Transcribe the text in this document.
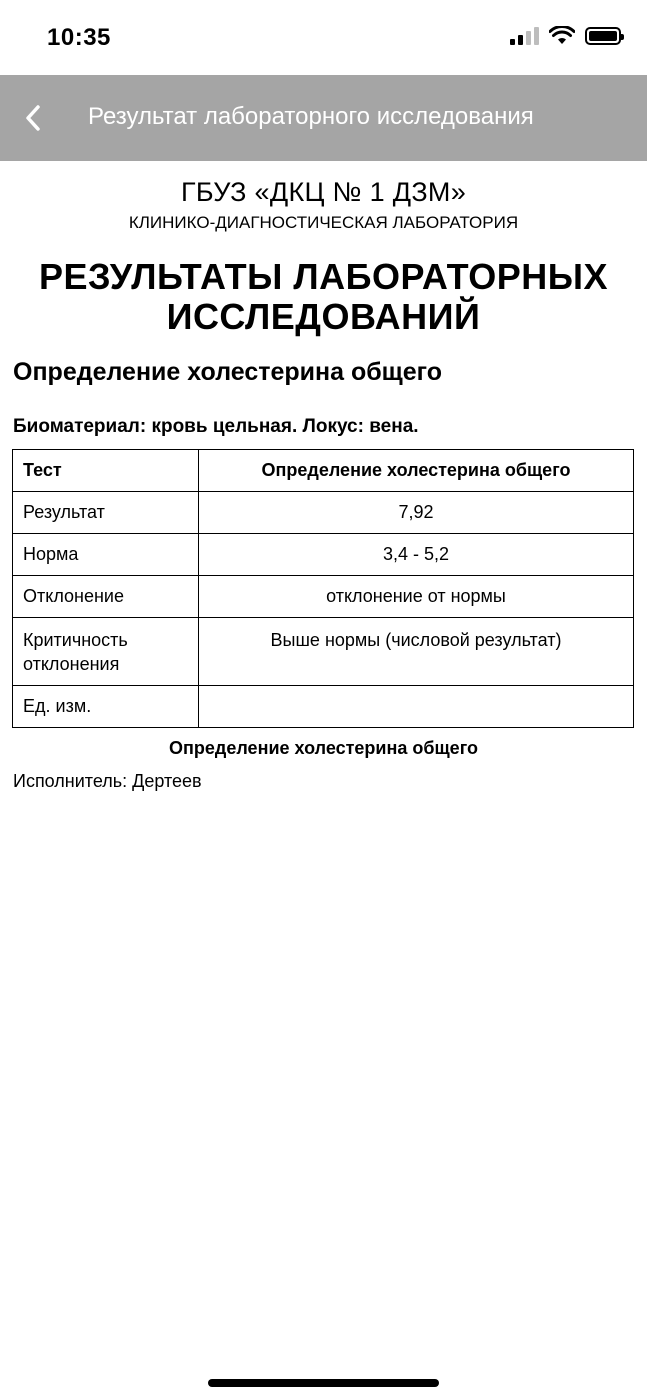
10:35
Результат лабораторного исследования
ГБУЗ «ДКЦ № 1 ДЗМ»
КЛИНИКО-ДИАГНОСТИЧЕСКАЯ ЛАБОРАТОРИЯ
РЕЗУЛЬТАТЫ ЛАБОРАТОРНЫХ
ИССЛЕДОВАНИЙ
Определение холестерина общего
Биоматериал: кровь цельная. Локус: вена.
Тест	Определение холестерина общего
Результат	7,92
Норма	3,4 - 5,2
Отклонение	отклонение от нормы
Критичность отклонения	Выше нормы (числовой результат)
Ед. изм.	
Определение холестерина общего
Исполнитель: Дертеев
